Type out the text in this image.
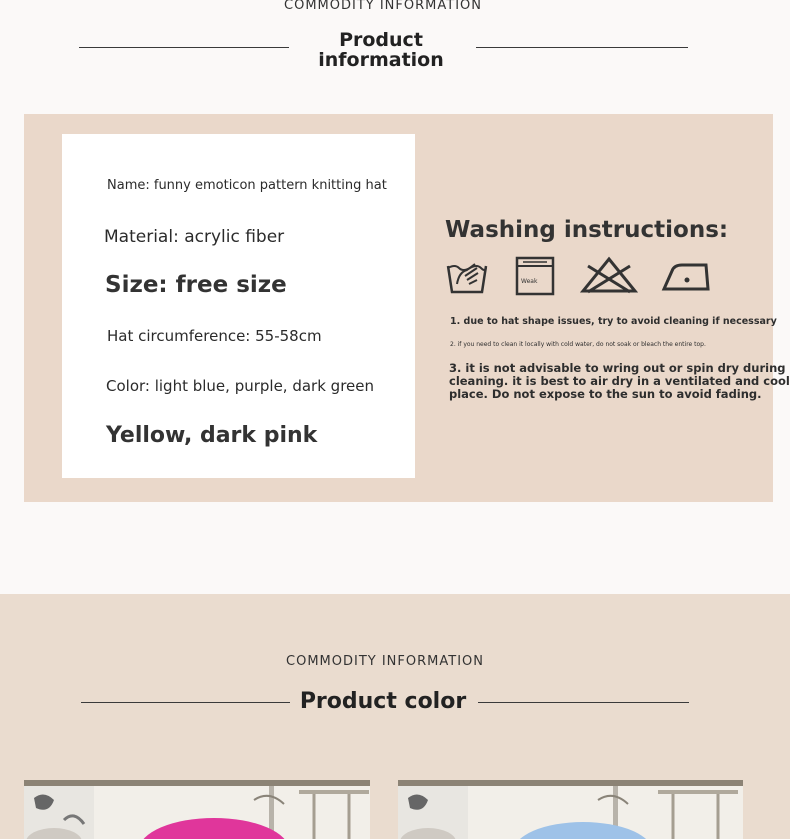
COMMODITY INFORMATION
Product
information
Name: funny emoticon pattern knitting hat
Material: acrylic fiber
Size: free size
Hat circumference: 55-58cm
Color: light blue, purple, dark green
Yellow, dark pink
Washing instructions:
Weak
1. due to hat shape issues, try to avoid cleaning if necessary
2. if you need to clean it locally with cold water, do not soak or bleach the entire top.
3. it is not advisable to wring out or spin dry during
cleaning. it is best to air dry in a ventilated and cool
place. Do not expose to the sun to avoid fading.
COMMODITY INFORMATION
Product color
